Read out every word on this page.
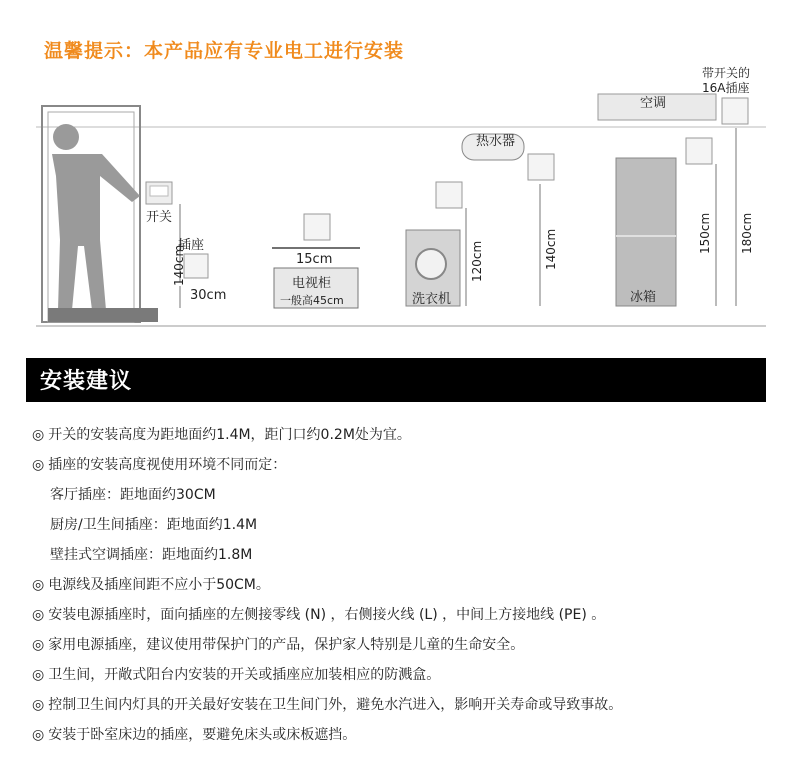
温馨提示：本产品应有专业电工进行安装
开关
插座
140cm
30cm
15cm
电视柜
一般高45cm	洗衣机
120cm
热水器
140cm
冰箱
150cm
空调
带开关的
16A插座
180cm
安装建议
◎ 开关的安装高度为距地面约1.4M，距门口约0.2M处为宜。
◎ 插座的安装高度视使用环境不同而定：
客厅插座：距地面约30CM
厨房/卫生间插座：距地面约1.4M
壁挂式空调插座：距地面约1.8M
◎ 电源线及插座间距不应小于50CM。
◎ 安装电源插座时，面向插座的左侧接零线 (N) ，右侧接火线 (L) ，中间上方接地线 (PE) 。
◎ 家用电源插座，建议使用带保护门的产品，保护家人特别是儿童的生命安全。
◎ 卫生间，开敞式阳台内安装的开关或插座应加装相应的防溅盒。
◎ 控制卫生间内灯具的开关最好安装在卫生间门外，避免水汽进入，影响开关寿命或导致事故。
◎ 安装于卧室床边的插座，要避免床头或床板遮挡。
